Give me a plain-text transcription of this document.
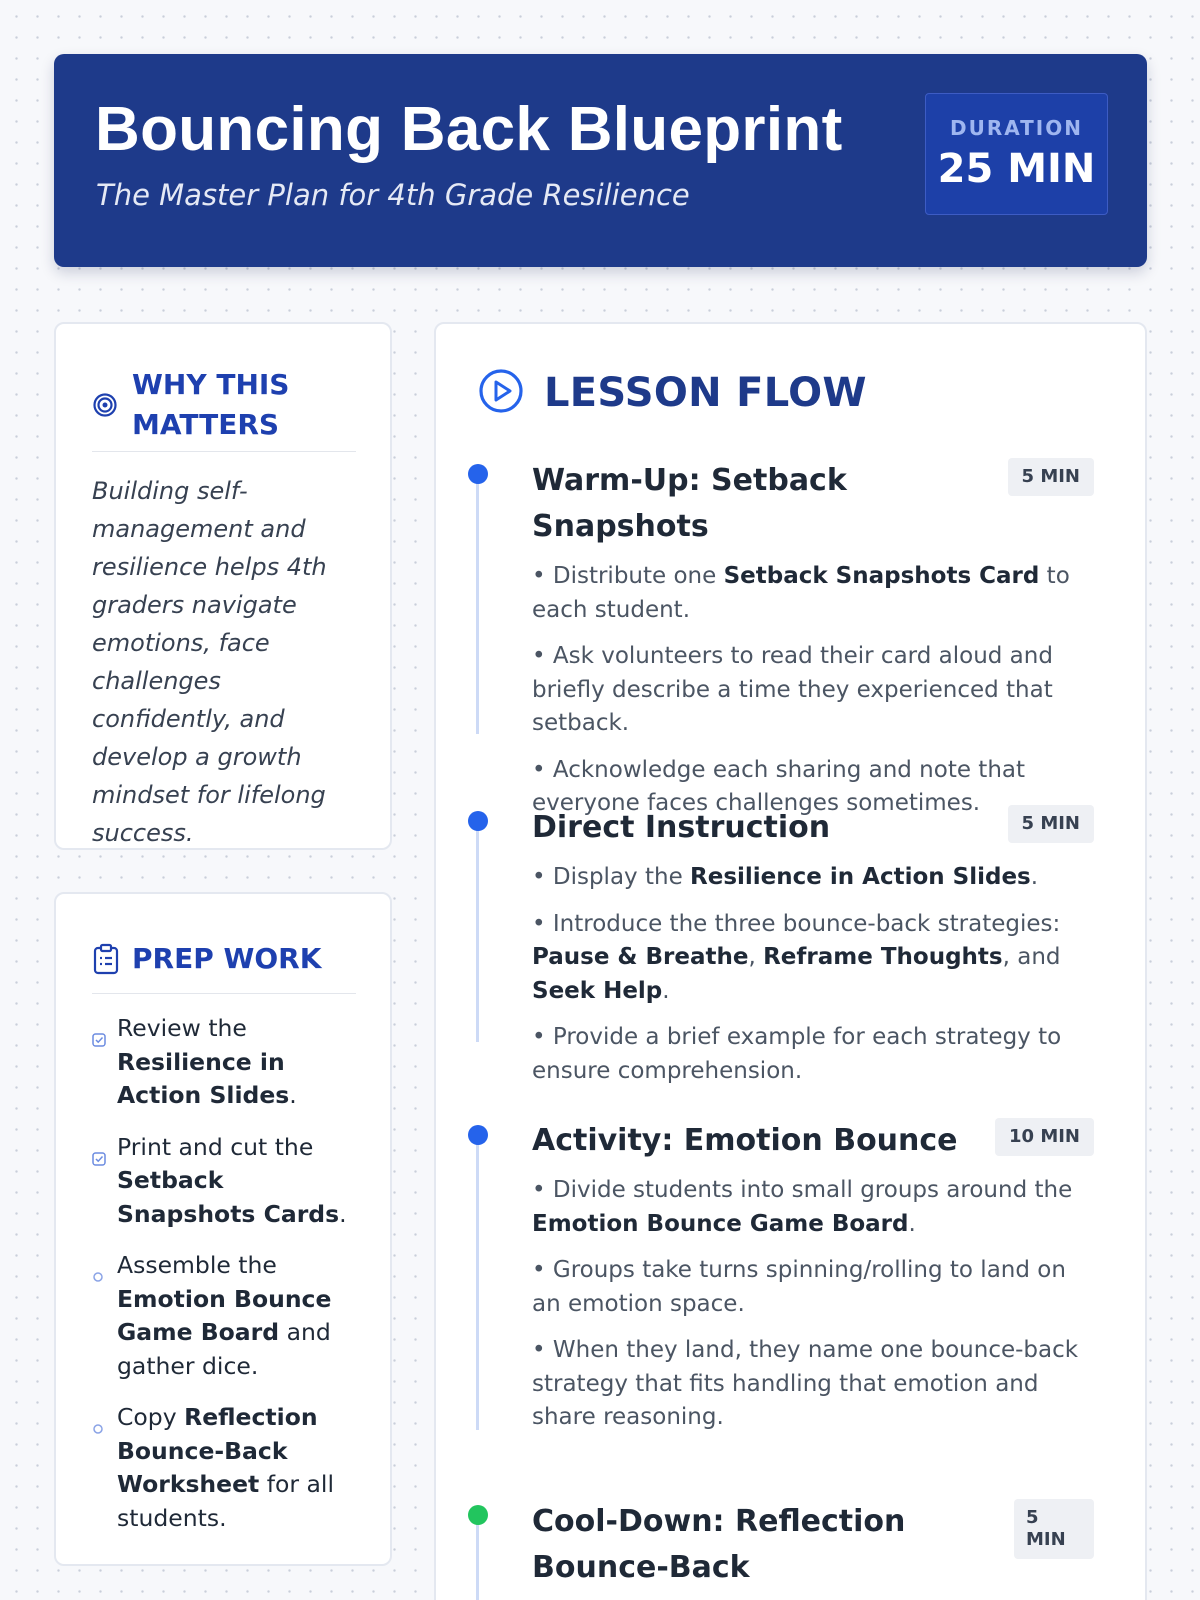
Bouncing Back Blueprint
The Master Plan for 4th Grade Resilience
DURATION
25 MIN
WHY THIS
MATTERS

Building self-management and resilience helps 4th graders navigate emotions, face challenges confidently, and develop a growth mindset for lifelong success.

PREP WORK
Review the Resilience in Action Slides.
Print and cut the Setback Snapshots Cards.
Assemble the Emotion Bounce Game Board and gather dice.
Copy Reflection Bounce-Back Worksheet for all students.
LESSON FLOW
Warm-Up: Setback Snapshots
5 MIN
• Distribute one Setback Snapshots Card to each student.
• Ask volunteers to read their card aloud and briefly describe a time they experienced that setback.
• Acknowledge each sharing and note that everyone faces challenges sometimes.
Direct Instruction	5 MIN
• Display the Resilience in Action Slides.
• Introduce the three bounce-back strategies: Pause & Breathe, Reframe Thoughts, and Seek Help.
• Provide a brief example for each strategy to ensure comprehension.
Activity: Emotion Bounce	10 MIN
• Divide students into small groups around the Emotion Bounce Game Board.
• Groups take turns spinning/rolling to land on an emotion space.
• When they land, they name one bounce-back strategy that fits handling that emotion and share reasoning.
Cool-Down: Reflection Bounce-Back
5 MIN
